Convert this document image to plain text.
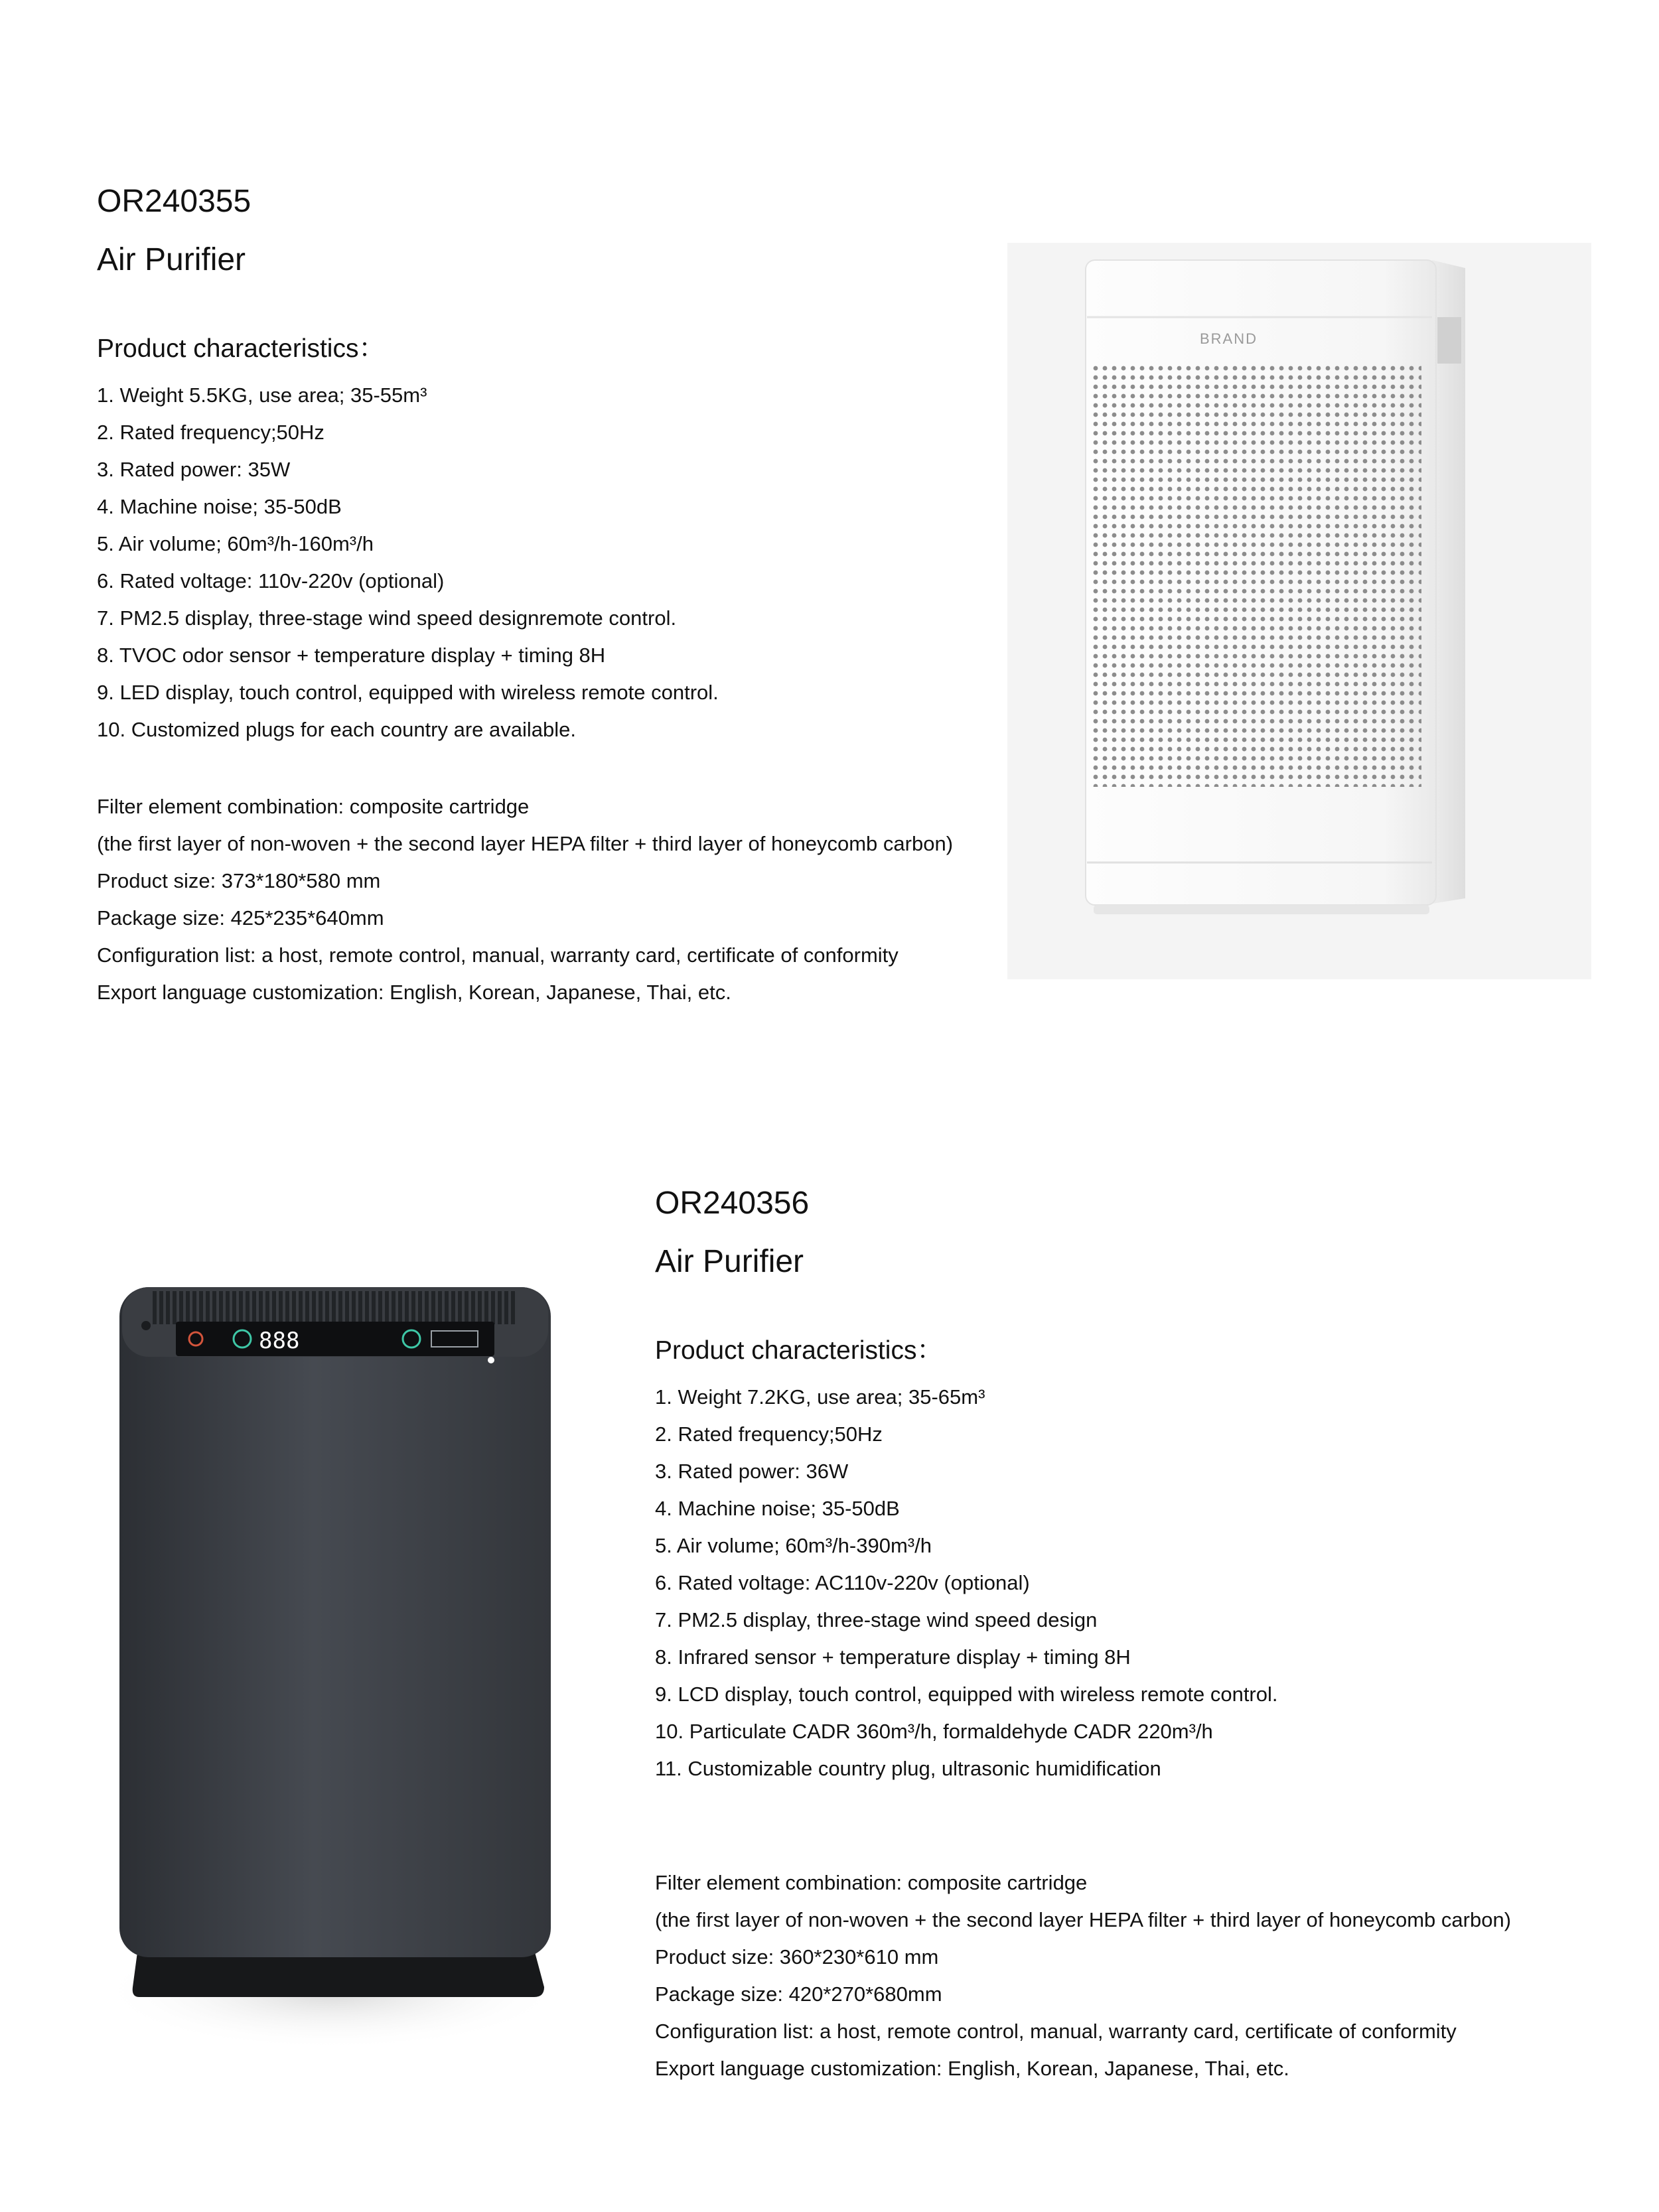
OR240355
Air Purifier
Product characteristics：
1. Weight 5.5KG, use area; 35-55m³
2. Rated frequency;50Hz
3. Rated power: 35W
4. Machine noise; 35-50dB
5. Air volume; 60m³/h-160m³/h
6. Rated voltage: 110v-220v (optional)
7. PM2.5 display, three-stage wind speed designremote control.
8. TVOC odor sensor + temperature display + timing 8H
9. LED display, touch control, equipped with wireless remote control.
10. Customized plugs for each country are available.
Filter element combination: composite cartridge
(the first layer of non-woven + the second layer HEPA filter + third layer of honeycomb carbon)
Product size: 373*180*580 mm
Package size: 425*235*640mm
Configuration list: a host, remote control, manual, warranty card, certificate of conformity
Export language customization: English, Korean, Japanese, Thai, etc.
BRAND
888
OR240356
Air Purifier
Product characteristics：
1. Weight 7.2KG, use area; 35-65m³
2. Rated frequency;50Hz
3. Rated power: 36W
4. Machine noise; 35-50dB
5. Air volume; 60m³/h-390m³/h
6. Rated voltage: AC110v-220v (optional)
7. PM2.5 display, three-stage wind speed design
8. Infrared sensor + temperature display + timing 8H
9. LCD display, touch control, equipped with wireless remote control.
10. Particulate CADR 360m³/h, formaldehyde CADR 220m³/h
11. Customizable country plug, ultrasonic humidification
Filter element combination: composite cartridge
(the first layer of non-woven + the second layer HEPA filter + third layer of honeycomb carbon)
Product size: 360*230*610 mm
Package size: 420*270*680mm
Configuration list: a host, remote control, manual, warranty card, certificate of conformity
Export language customization: English, Korean, Japanese, Thai, etc.
